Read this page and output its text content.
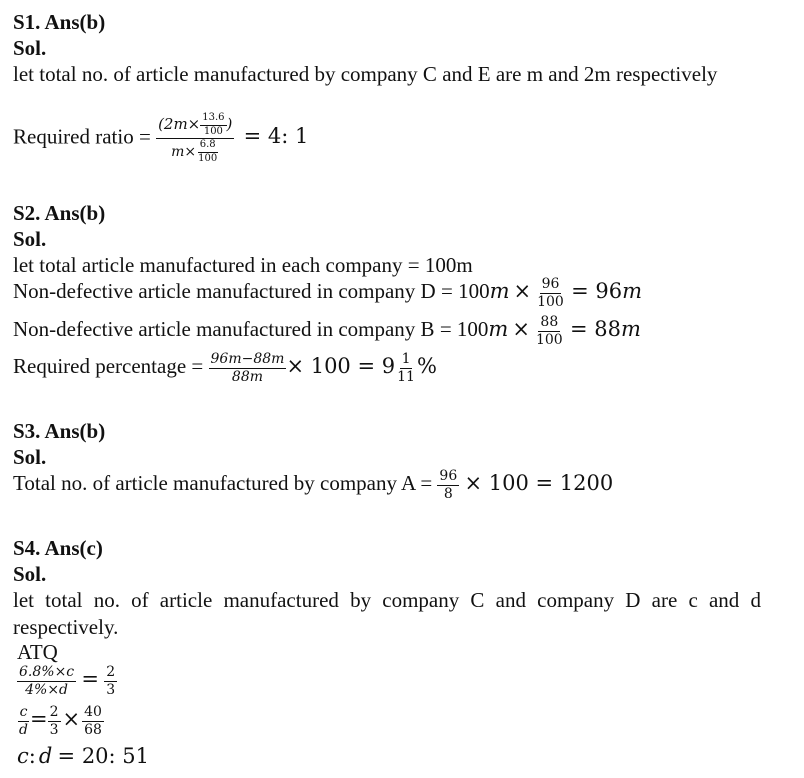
S1. Ans(b)
Sol.
let total no. of article manufactured by company C and E are m and 2m respectively
Required ratio = $\frac{(2m\times \frac{13.6}{100} )}{m\times \frac{6.8}{100}} = 4$: 1
S2. Ans(b)
Sol.
let total article manufactured in each company = 100m
Non-defective article manufactured in company $D = 100m \times \frac{96}{100} = 96m$
Non-defective article manufactured in company $B = 100m \times \frac{88}{100} = 88m$
Required percentage = $\frac{96m-88m}{88m} \times 100 = 9 \frac{1}{11}$ %
S3. Ans(b)
Sol.
Total no. of article manufactured by company $A = \frac{96}{8} \times 100 = 1200$
S4. Ans(c)
Sol.
let total no. of article manufactured by company C and company D are c and d respectively.
ATQ
$\frac{6.8\%\times c}{4\%\times d} = \frac{2}{3}$
$\frac{c}{d} = \frac{2}{3} \times \frac{40}{68}$
c: d = 20: 51
